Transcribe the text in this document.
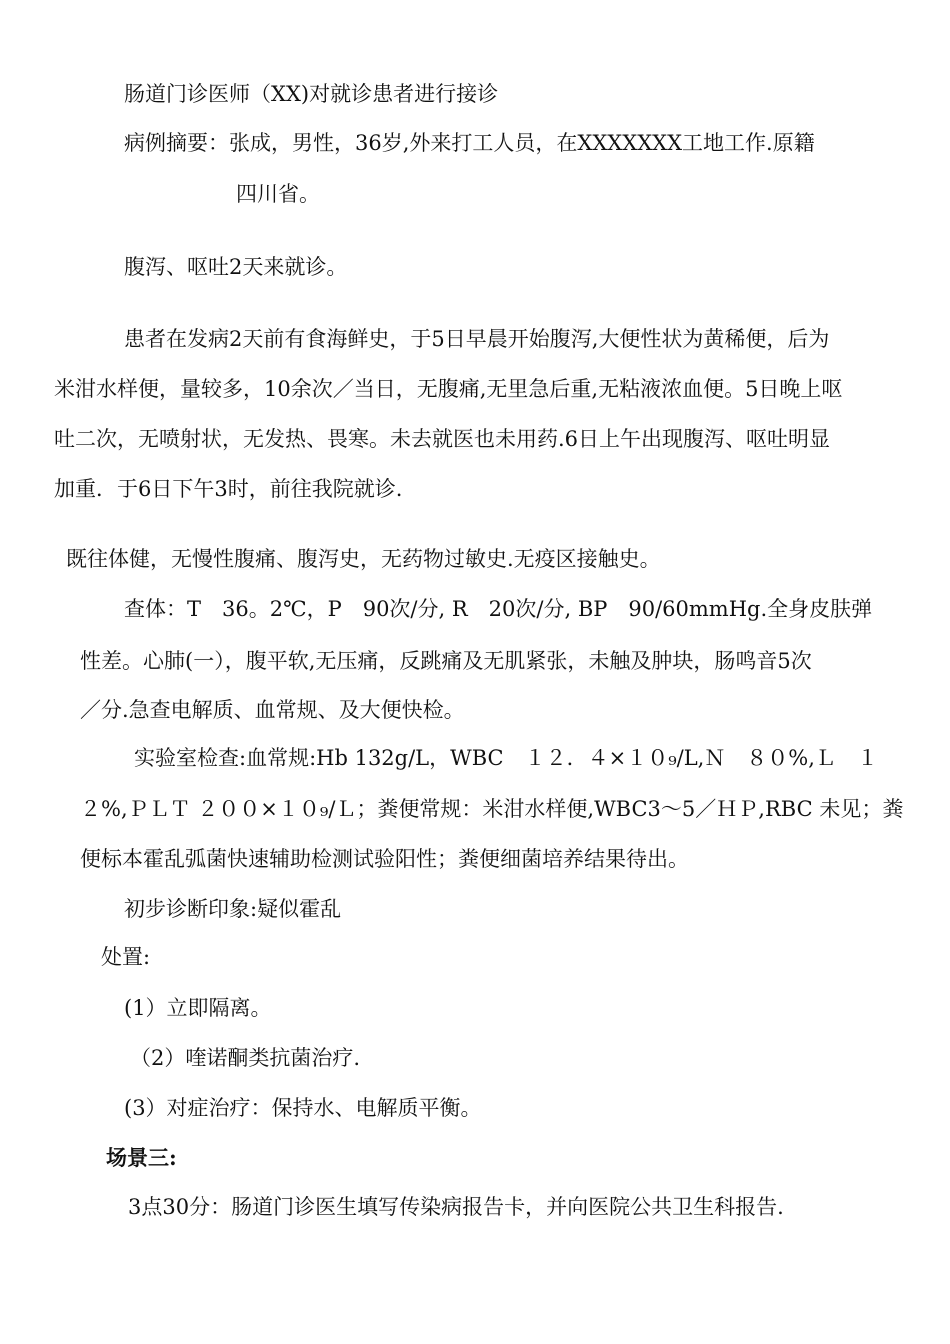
肠道门诊医师（XX)对就诊患者进行接诊
病例摘要：张成，男性，36岁,外来打工人员，在XXXXXXX工地工作.原籍
四川省。
腹泻、呕吐2天来就诊。
患者在发病2天前有食海鲜史，于5日早晨开始腹泻,大便性状为黄稀便，后为
米泔水样便，量较多，10余次／当日，无腹痛,无里急后重,无粘液浓血便。5日晚上呕
吐二次，无喷射状，无发热、畏寒。未去就医也未用药.6日上午出现腹泻、呕吐明显
加重．于6日下午3时，前往我院就诊.
既往体健，无慢性腹痛、腹泻史，无药物过敏史.无疫区接触史。
查体：T　36。2℃，P　90次/分, R　20次/分, BP　90/60mmHg.全身皮肤弹
性差。心肺(一），腹平软,无压痛，反跳痛及无肌紧张，未触及肿块，肠鸣音5次
／分.急查电解质、血常规、及大便快检。
实验室检查:血常规:Hb 132g/L，WBC　１２．４×１０₉/L,Ｎ　８０%,Ｌ　１
２%,ＰＬＴ ２００×１０₉/Ｌ；粪便常规：米泔水样便,WBC3～5／ＨＰ,RBC 未见；粪
便标本霍乱弧菌快速辅助检测试验阳性；粪便细菌培养结果待出。
初步诊断印象:疑似霍乱
处置:
(1）立即隔离。
（2）喹诺酮类抗菌治疗.
(3）对症治疗：保持水、电解质平衡。
场景三:
3点30分：肠道门诊医生填写传染病报告卡，并向医院公共卫生科报告.
